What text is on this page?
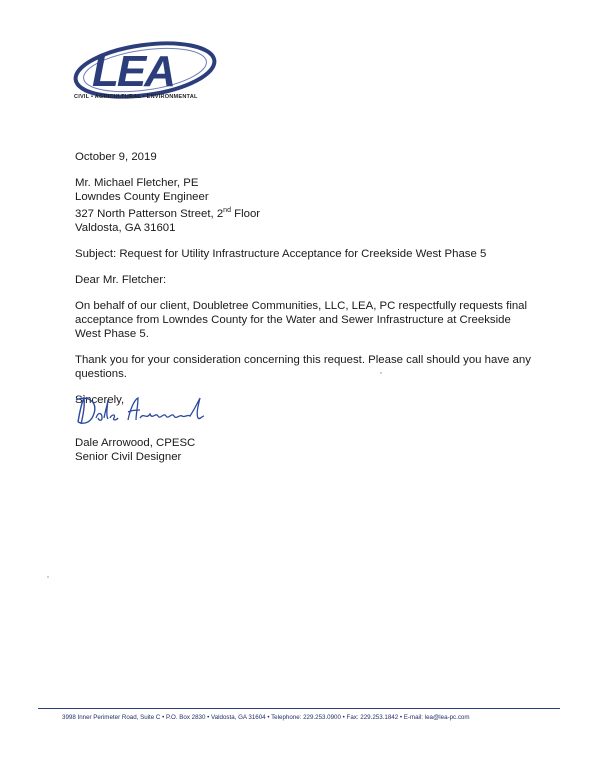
LEA
CIVIL • AGRICULTURAL • ENVIRONMENTAL

October 9, 2019

Mr. Michael Fletcher, PE

Lowndes County Engineer

327 North Patterson Street, 2nd Floor

Valdosta, GA 31601

Subject: Request for Utility Infrastructure Acceptance for Creekside West Phase 5

Dear Mr. Fletcher:

On behalf of our client, Doubletree Communities, LLC, LEA, PC respectfully requests final acceptance from Lowndes County for the Water and Sewer Infrastructure at Creekside West Phase 5.

Thank you for your consideration concerning this request. Please call should you have any questions.

Sincerely,

Dale Arrowood, CPESC

Senior Civil Designer

3998 Inner Perimeter Road, Suite C • P.O. Box 2830 • Valdosta, GA 31604 • Telephone: 229.253.0900 • Fax: 229.253.1842 • E-mail: lea@lea-pc.com
